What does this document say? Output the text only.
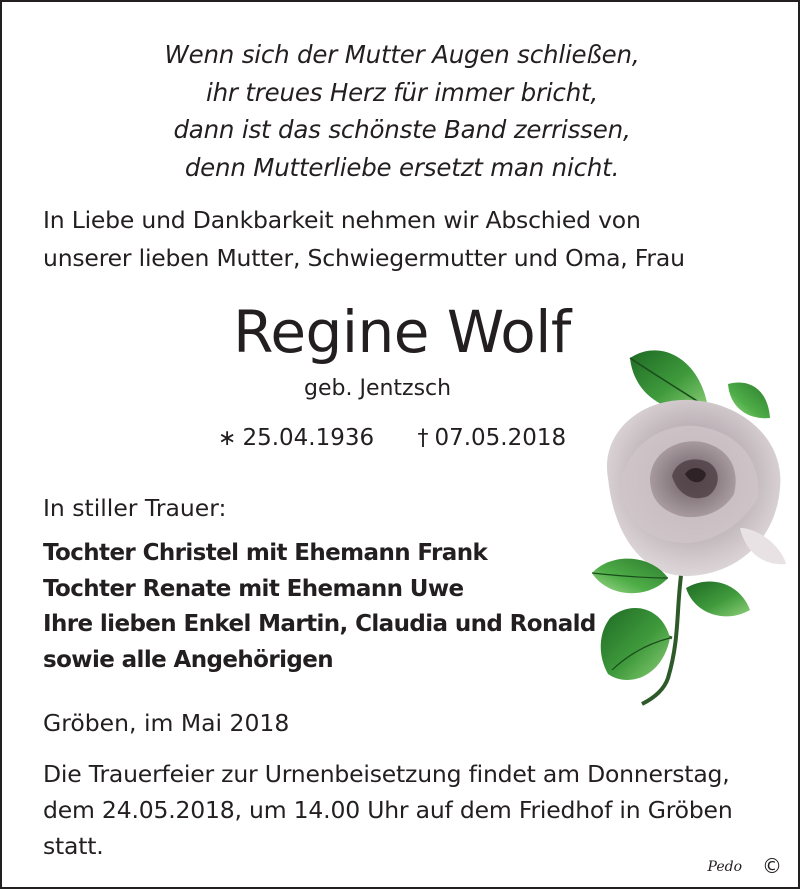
Wenn sich der Mutter Augen schließen,
ihr treues Herz für immer bricht,
dann ist das schönste Band zerrissen,
denn Mutterliebe ersetzt man nicht.
In Liebe und Dankbarkeit nehmen wir Abschied von
unserer lieben Mutter, Schwiegermutter und Oma, Frau
Regine Wolf
geb. Jentzsch
∗ 25.04.1936 † 07.05.2018
In stiller Trauer:
Tochter Christel mit Ehemann Frank
Tochter Renate mit Ehemann Uwe
Ihre lieben Enkel Martin, Claudia und Ronald
sowie alle Angehörigen
Gröben, im Mai 2018
Die Trauerfeier zur Urnenbeisetzung findet am Donnerstag,
dem 24.05.2018, um 14.00 Uhr auf dem Friedhof in Gröben
statt.
Pedo ©
